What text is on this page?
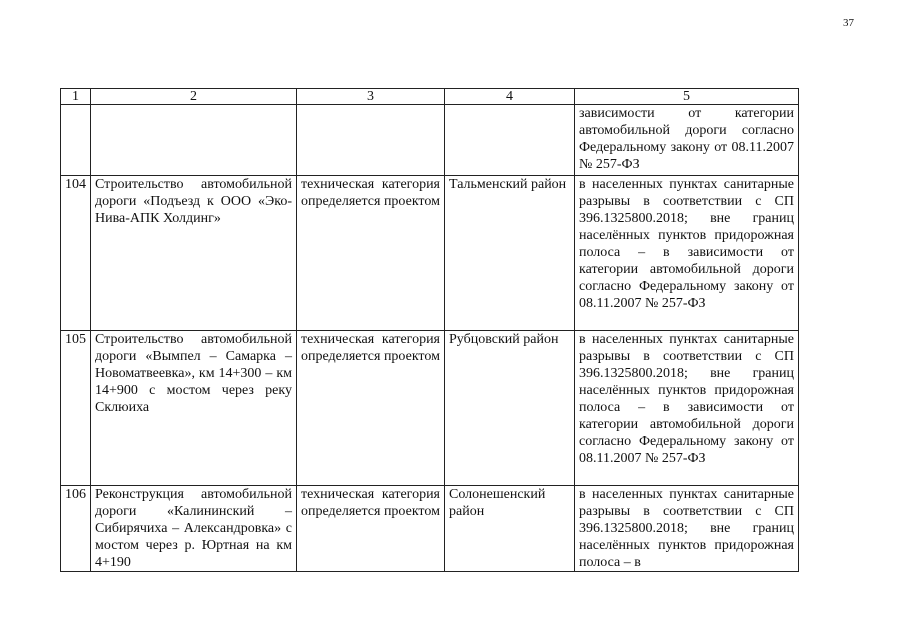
37
1	2	3	4	5
				зависимости от категории автомобильной дороги согласно Федеральному закону от 08.11.2007 № 257-ФЗ
104	Строительство автомобильной дороги «Подъезд к ООО «Эко-Нива-АПК Холдинг»	техническая категория определяется проектом	Тальменский район	в населенных пунктах санитарные разрывы в соответствии с СП 396.1325800.2018; вне границ населённых пунктов придорожная полоса – в зависимости от категории автомобильной дороги согласно Федеральному закону от 08.11.2007 № 257-ФЗ
105	Строительство автомобильной дороги «Вымпел – Самарка – Новоматвеевка», км 14+300 – км 14+900 с мостом через реку Склюиха	техническая категория определяется проектом	Рубцовский район	в населенных пунктах санитарные разрывы в соответствии с СП 396.1325800.2018; вне границ населённых пунктов придорожная полоса – в зависимости от категории автомобильной дороги согласно Федеральному закону от 08.11.2007 № 257-ФЗ
106	Реконструкция автомобильной дороги «Калининский – Сибирячиха – Александровка» с мостом через р. Юртная на км 4+190	техническая категория определяется проектом	Солонешенский район	в населенных пунктах санитарные разрывы в соответствии с СП 396.1325800.2018; вне границ населённых пунктов придорожная полоса – в
